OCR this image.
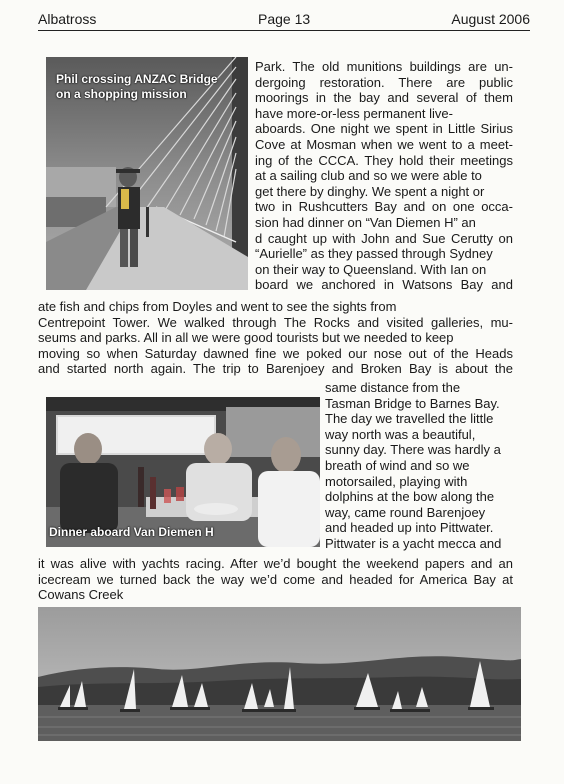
Albatross	Page 13	August 2006
Phil crossing ANZAC Bridge
on a shopping mission
Park. The old munitions buildings are un-
dergoing restoration. There are public
moorings in the bay and several of them
have more-or-less permanent live-
aboards. One night we spent in Little Sirius
Cove at Mosman when we went to a meet-
ing of the CCCA. They hold their meetings
at a sailing club and so we were able to
get there by dinghy. We spent a night or
two in Rushcutters Bay and on one occa-
sion had dinner on “Van Diemen H” an
d caught up with John and Sue Cerutty on
“Aurielle” as they passed through Sydney
on their way to Queensland. With Ian on
board we anchored in Watsons Bay and
ate fish and chips from Doyles and went to see the sights from
Centrepoint Tower. We walked through The Rocks and visited galleries, mu-
seums and parks. All in all we were good tourists but we needed to keep
moving so when Saturday dawned fine we poked our nose out of the Heads
and started north again. The trip to Barenjoey and Broken Bay is about the
Dinner aboard Van Diemen H
same distance from the
Tasman Bridge to Barnes Bay.
The day we travelled the little
way north was a beautiful,
sunny day. There was hardly a
breath of wind and so we
motorsailed, playing with
dolphins at the bow along the
way, came round Barenjoey
and headed up into Pittwater.
Pittwater is a yacht mecca and
it was alive with yachts racing. After we’d bought the weekend papers and an
icecream we turned back the way we’d come and headed for America Bay at
Cowans Creek
